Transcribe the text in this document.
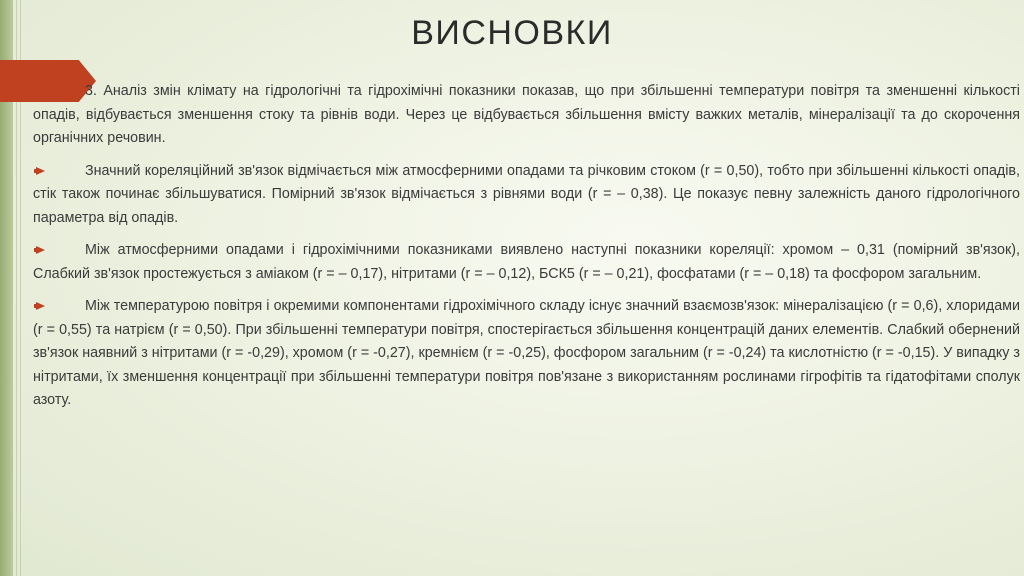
ВИСНОВКИ

3. Аналіз змін клімату на гідрологічні та гідрохімічні показники показав, що при збільшенні температури повітря та зменшенні кількості опадів, відбувається зменшення стоку та рівнів води. Через це відбувається збільшення вмісту важких металів, мінералізації та до скорочення органічних речовин.

Значний кореляційний зв'язок відмічається між атмосферними опадами та річковим стоком (r = 0,50), тобто при збільшенні кількості опадів, стік також починає збільшуватися. Помірний зв'язок відмічається з рівнями води (r = – 0,38). Це показує певну залежність даного гідрологічного параметра від опадів.

Між атмосферними опадами і гідрохімічними показниками виявлено наступні показники кореляції: хромом – 0,31 (помірний зв'язок), Слабкий зв'язок простежується з аміаком (r = – 0,17), нітритами (r = – 0,12), БСК5 (r = – 0,21), фосфатами (r = – 0,18) та фосфором загальним.

Між температурою повітря і окремими компонентами гідрохімічного складу існує значний взаємозв'язок: мінералізацією (r = 0,6), хлоридами (r = 0,55) та натрієм (r = 0,50). При збільшенні температури повітря, спостерігається збільшення концентрацій даних елементів. Слабкий обернений зв'язок наявний з нітритами (r = -0,29), хромом (r = -0,27), кремнієм (r = -0,25), фосфором загальним (r = -0,24) та кислотністю (r = -0,15). У випадку з нітритами, їх зменшення концентрації при збільшенні температури повітря пов'язане з використанням рослинами гігрофітів та гідатофітами сполук азоту.
